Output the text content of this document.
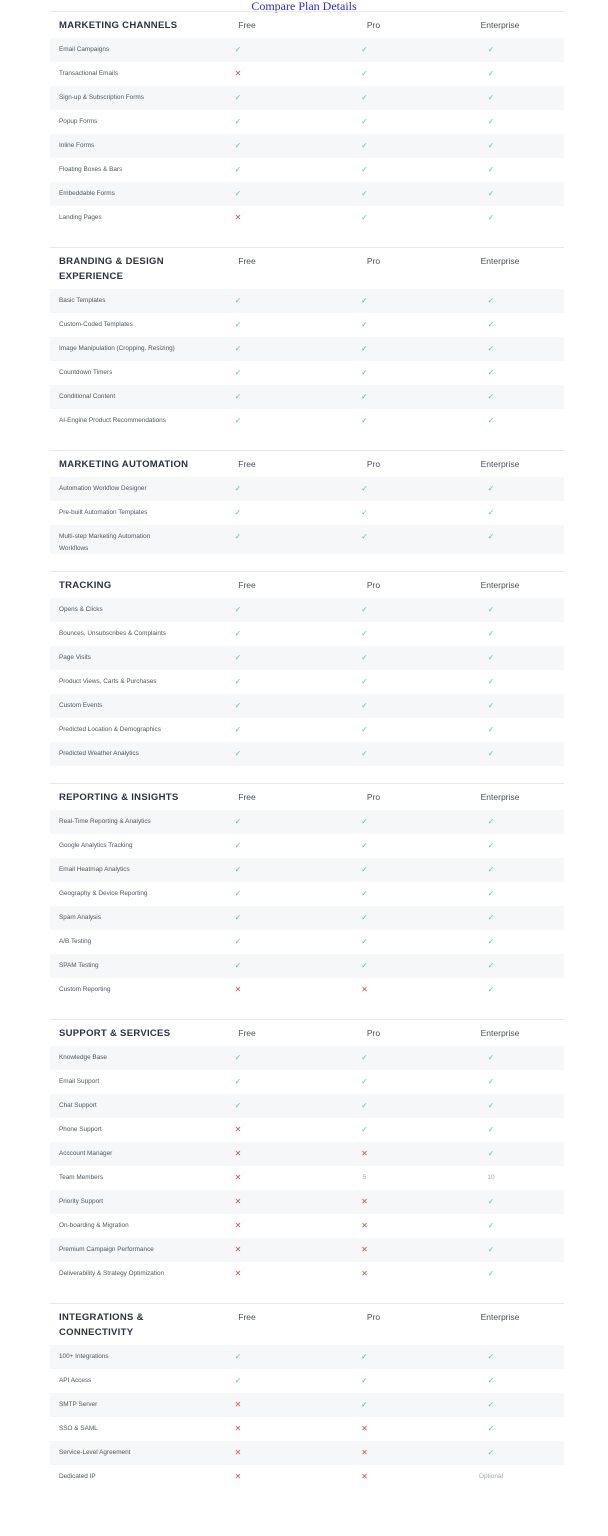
Compare Plan Details
MARKETING CHANNELS	Free	Pro	Enterprise
Email Campaigns	✓	✓	✓
Transactional Emails	✕	✓	✓
Sign-up & Subscription Forms	✓	✓	✓
Popup Forms	✓	✓	✓
Inline Forms	✓	✓	✓
Floating Boxes & Bars	✓	✓	✓
Embeddable Forms	✓	✓	✓
Landing Pages	✕	✓	✓
BRANDING & DESIGN EXPERIENCE
Free	Pro	Enterprise
Basic Templates	✓	✓	✓
Custom-Coded Templates	✓	✓	✓
Image Manipulation (Cropping, Resizing)	✓	✓	✓
Countdown Timers	✓	✓	✓
Conditional Content	✓	✓	✓
AI-Engine Product Recommendations	✓	✓	✓
MARKETING AUTOMATION	Free	Pro	Enterprise
Automation Workflow Designer	✓	✓	✓
Pre-built Automation Templates	✓	✓	✓
Multi-step Marketing Automation Workflows
✓	✓	✓
TRACKING	Free	Pro	Enterprise
Opens & Clicks	✓	✓	✓
Bounces, Unsubscribes & Complaints	✓	✓	✓
Page Visits	✓	✓	✓
Product Views, Carts & Purchases	✓	✓	✓
Custom Events	✓	✓	✓
Predicted Location & Demographics	✓	✓	✓
Predicted Weather Analytics	✓	✓	✓
REPORTING & INSIGHTS	Free	Pro	Enterprise
Real-Time Reporting & Analytics	✓	✓	✓
Google Analytics Tracking	✓	✓	✓
Email Heatmap Analytics	✓	✓	✓
Geography & Device Reporting	✓	✓	✓
Spam Analysis	✓	✓	✓
A/B Testing	✓	✓	✓
SPAM Testing	✓	✓	✓
Custom Reporting	✕	✕	✓
SUPPORT & SERVICES	Free	Pro	Enterprise
Knowledge Base	✓	✓	✓
Email Support	✓	✓	✓
Chat Support	✓	✓	✓
Phone Support	✕	✓	✓
Acccount Manager	✕	✕	✓
Team Members	✕	5	10
Priority Support	✕	✕	✓
On-boarding & Migration	✕	✕	✓
Premium Campaign Performance	✕	✕	✓
Deliverability & Strategy Optimization	✕	✕	✓
INTEGRATIONS & CONNECTIVITY
Free	Pro	Enterprise
100+ Integrations	✓	✓	✓
API Access	✓	✓	✓
SMTP Server	✕	✓	✓
SSO & SAML	✕	✕	✓
Service-Level Agreement	✕	✕	✓
Dedicated IP	✕	✕	Optional
